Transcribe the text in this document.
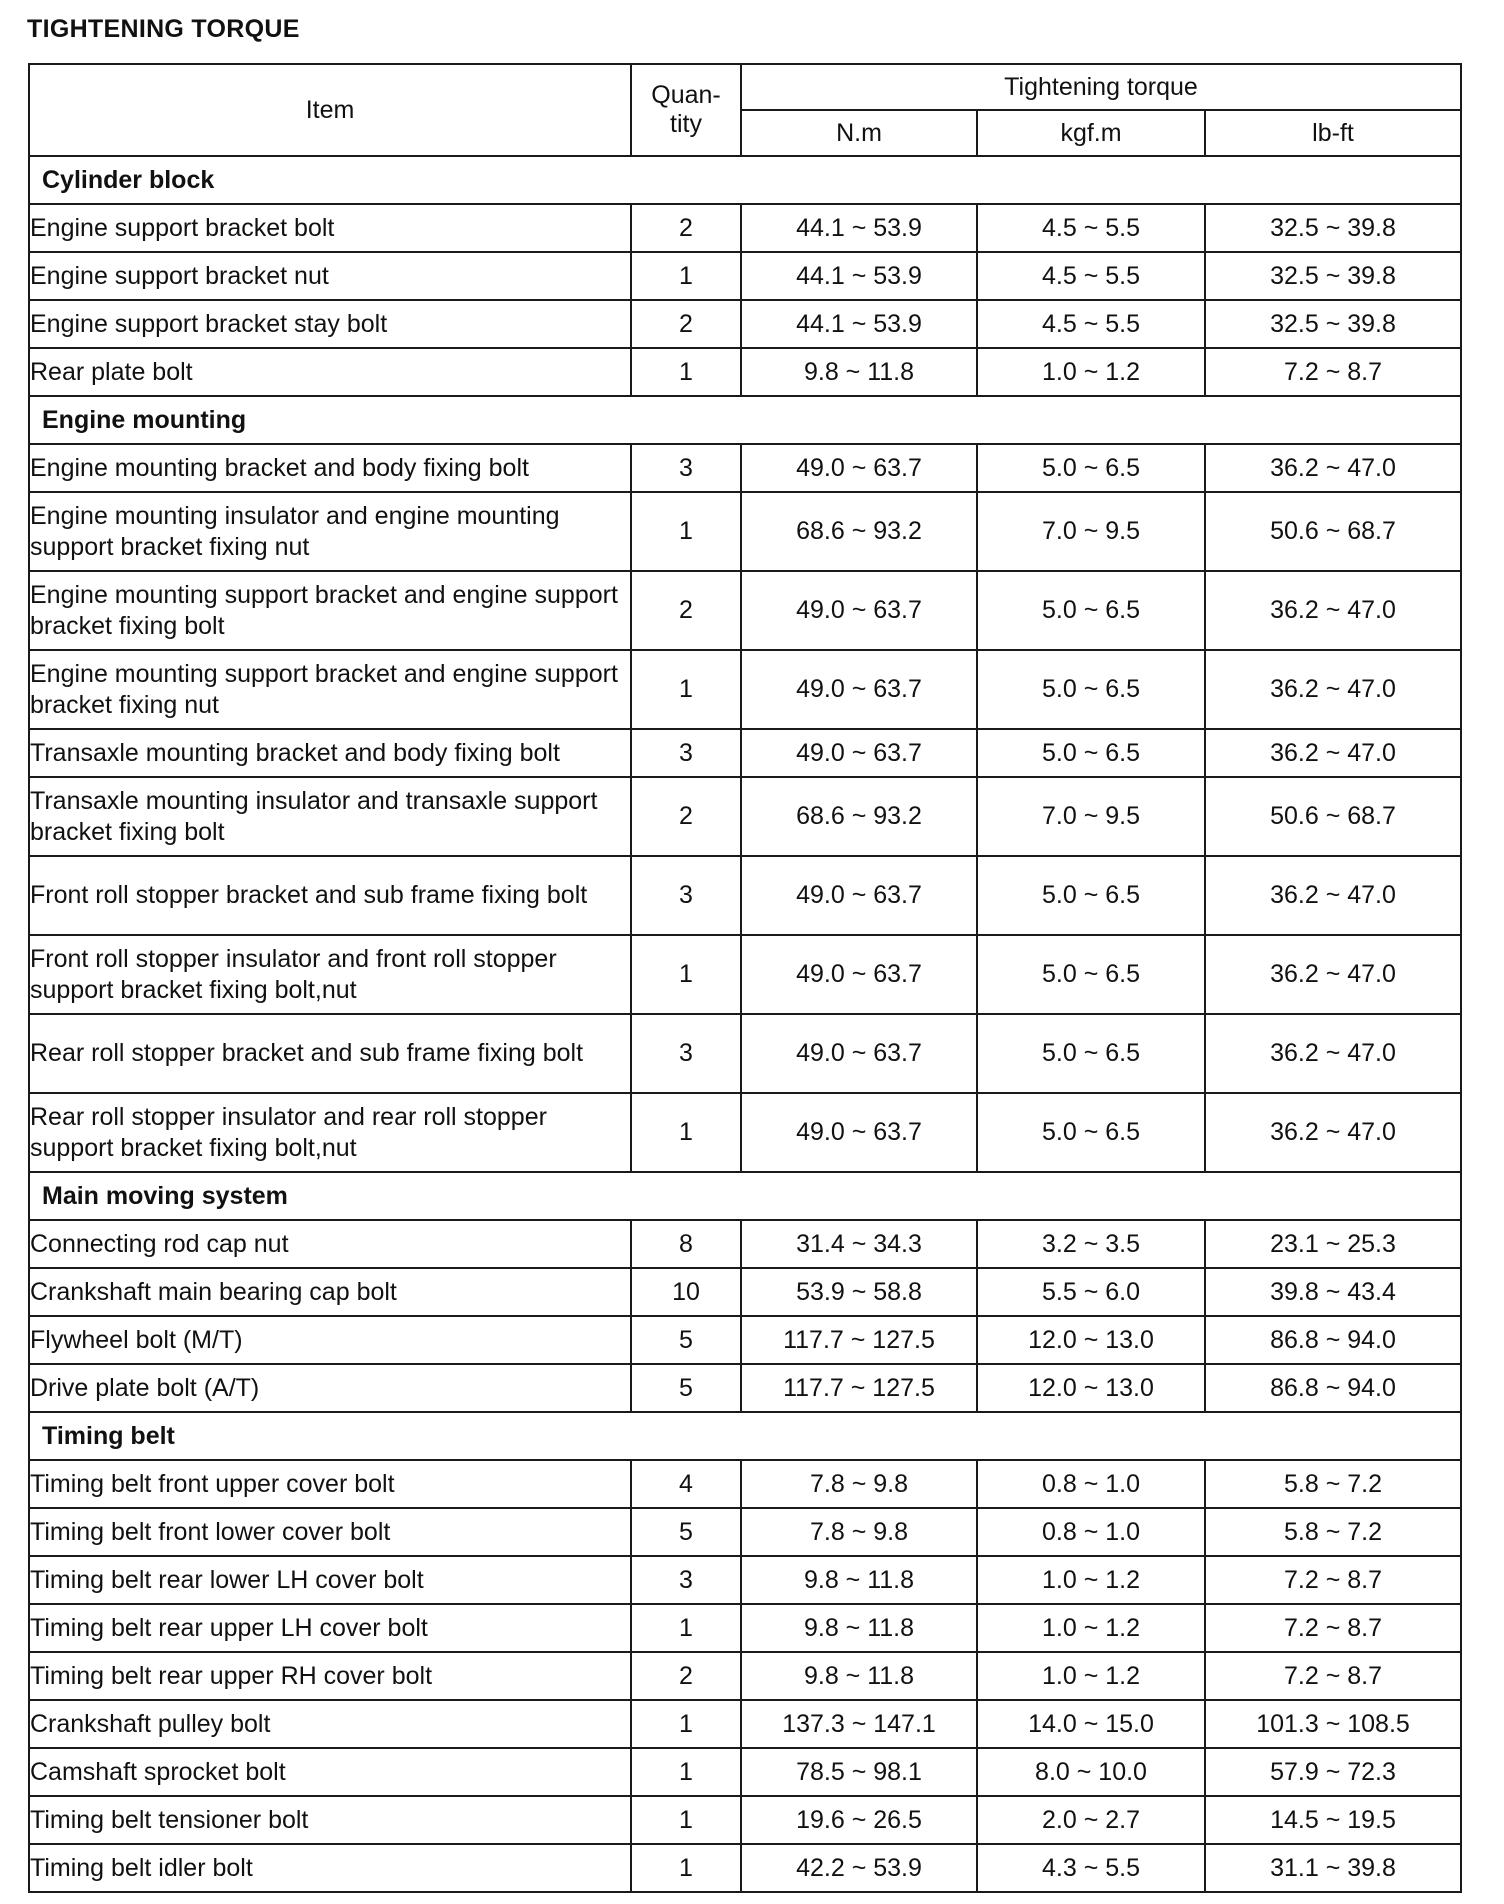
TIGHTENING TORQUE
Item	Quan- tity	Tightening torque		
		N.m	kgf.m	lb-ft
Cylinder block				
Engine support bracket bolt	2	44.1 ~ 53.9	4.5 ~ 5.5	32.5 ~ 39.8
Engine support bracket nut	1	44.1 ~ 53.9	4.5 ~ 5.5	32.5 ~ 39.8
Engine support bracket stay bolt	2	44.1 ~ 53.9	4.5 ~ 5.5	32.5 ~ 39.8
Rear plate bolt	1	9.8 ~ 11.8	1.0 ~ 1.2	7.2 ~ 8.7
Engine mounting				
Engine mounting bracket and body fixing bolt	3	49.0 ~ 63.7	5.0 ~ 6.5	36.2 ~ 47.0
Engine mounting insulator and engine mounting support bracket fixing nut	1	68.6 ~ 93.2	7.0 ~ 9.5	50.6 ~ 68.7
Engine mounting support bracket and engine support bracket fixing bolt	2	49.0 ~ 63.7	5.0 ~ 6.5	36.2 ~ 47.0
Engine mounting support bracket and engine support bracket fixing nut	1	49.0 ~ 63.7	5.0 ~ 6.5	36.2 ~ 47.0
Transaxle mounting bracket and body fixing bolt	3	49.0 ~ 63.7	5.0 ~ 6.5	36.2 ~ 47.0
Transaxle mounting insulator and transaxle support bracket fixing bolt	2	68.6 ~ 93.2	7.0 ~ 9.5	50.6 ~ 68.7
Front roll stopper bracket and sub frame fixing bolt	3	49.0 ~ 63.7	5.0 ~ 6.5	36.2 ~ 47.0
Front roll stopper insulator and front roll stopper support bracket fixing bolt,nut	1	49.0 ~ 63.7	5.0 ~ 6.5	36.2 ~ 47.0
Rear roll stopper bracket and sub frame fixing bolt	3	49.0 ~ 63.7	5.0 ~ 6.5	36.2 ~ 47.0
Rear roll stopper insulator and rear roll stopper support bracket fixing bolt,nut	1	49.0 ~ 63.7	5.0 ~ 6.5	36.2 ~ 47.0
Main moving system				
Connecting rod cap nut	8	31.4 ~ 34.3	3.2 ~ 3.5	23.1 ~ 25.3
Crankshaft main bearing cap bolt	10	53.9 ~ 58.8	5.5 ~ 6.0	39.8 ~ 43.4
Flywheel bolt (M/T)	5	117.7 ~ 127.5	12.0 ~ 13.0	86.8 ~ 94.0
Drive plate bolt (A/T)	5	117.7 ~ 127.5	12.0 ~ 13.0	86.8 ~ 94.0
Timing belt				
Timing belt front upper cover bolt	4	7.8 ~ 9.8	0.8 ~ 1.0	5.8 ~ 7.2
Timing belt front lower cover bolt	5	7.8 ~ 9.8	0.8 ~ 1.0	5.8 ~ 7.2
Timing belt rear lower LH cover bolt	3	9.8 ~ 11.8	1.0 ~ 1.2	7.2 ~ 8.7
Timing belt rear upper LH cover bolt	1	9.8 ~ 11.8	1.0 ~ 1.2	7.2 ~ 8.7
Timing belt rear upper RH cover bolt	2	9.8 ~ 11.8	1.0 ~ 1.2	7.2 ~ 8.7
Crankshaft pulley bolt	1	137.3 ~ 147.1	14.0 ~ 15.0	101.3 ~ 108.5
Camshaft sprocket bolt	1	78.5 ~ 98.1	8.0 ~ 10.0	57.9 ~ 72.3
Timing belt tensioner bolt	1	19.6 ~ 26.5	2.0 ~ 2.7	14.5 ~ 19.5
Timing belt idler bolt	1	42.2 ~ 53.9	4.3 ~ 5.5	31.1 ~ 39.8
